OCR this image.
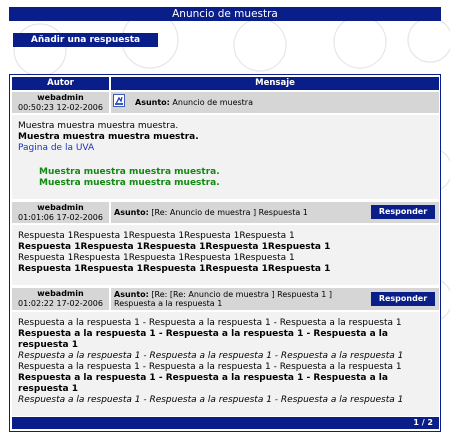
Anuncio de muestra
Añadir una respuesta
Autor	Mensaje
webadmin
00:50:23 12-02-2006
Asunto: Anuncio de muestra
Muestra muestra muestra muestra.
Muestra muestra muestra muestra.
Pagina de la UVA
Muestra muestra muestra muestra.
Muestra muestra muestra muestra.
webadmin
01:01:06 17-02-2006
Asunto: [Re: Anuncio de muestra ] Respuesta 1	Responder
Respuesta 1Respuesta 1Respuesta 1Respuesta 1Respuesta 1
Respuesta 1Respuesta 1Respuesta 1Respuesta 1Respuesta 1
Respuesta 1Respuesta 1Respuesta 1Respuesta 1Respuesta 1
Respuesta 1Respuesta 1Respuesta 1Respuesta 1Respuesta 1
webadmin
01:02:22 17-02-2006
Asunto: [Re: [Re: Anuncio de muestra ] Respuesta 1 ] Respuesta a la respuesta 1
Responder
Respuesta a la respuesta 1 - Respuesta a la respuesta 1 - Respuesta a la respuesta 1
Respuesta a la respuesta 1 - Respuesta a la respuesta 1 - Respuesta a la respuesta 1
Respuesta a la respuesta 1 - Respuesta a la respuesta 1 - Respuesta a la respuesta 1
Respuesta a la respuesta 1 - Respuesta a la respuesta 1 - Respuesta a la respuesta 1
Respuesta a la respuesta 1 - Respuesta a la respuesta 1 - Respuesta a la respuesta 1
Respuesta a la respuesta 1 - Respuesta a la respuesta 1 - Respuesta a la respuesta 1
1 / 2
